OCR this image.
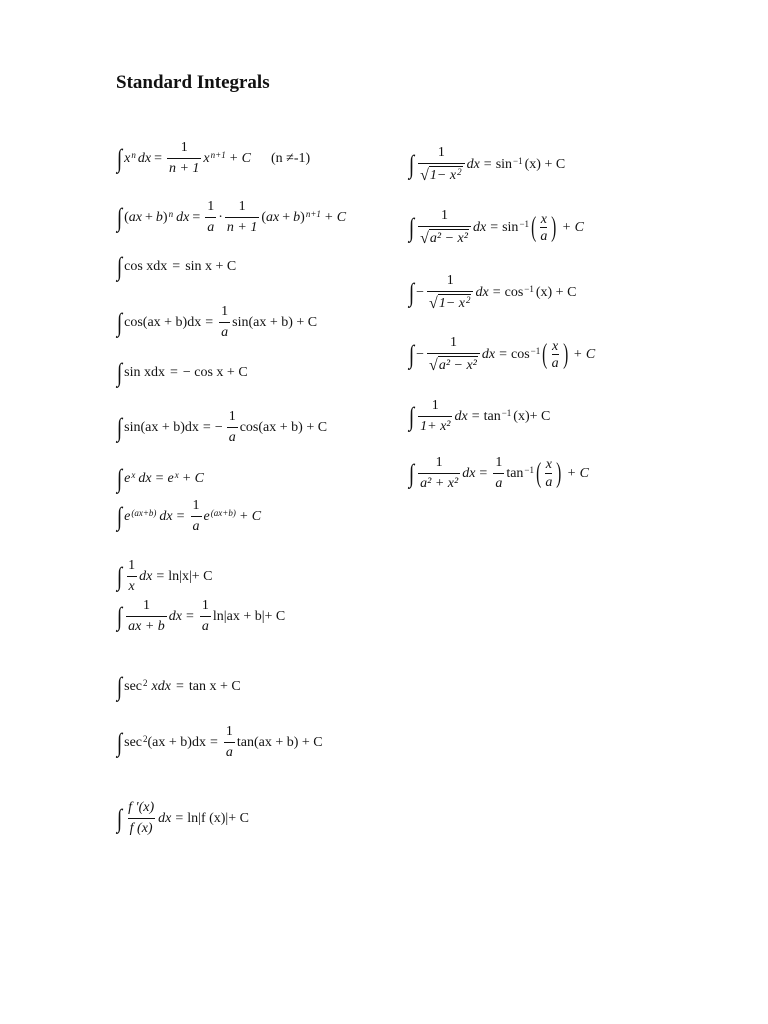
Standard Integrals
∫ $x^n$ dx = $\frac{1}{n + 1} x^{n+1} + C$ (n ≠-1)
∫ ( a x + b )$^n$ dx = $\frac{1}{a} \cdot \frac{1}{n + 1}$ ( a x + b )$^{n+1}$ + C
∫ cos xdx = sin x + C
∫ $\cos(ax + b)dx = \frac{1}{a} \sin(ax + b) + C$
∫ sin xdx = − cos x + C
∫ sin(ax + b)dx = − $\frac{1}{a} \cos(ax + b) + C$
∫ $e^x$ dx = $e^x + C$
∫ $e^{(ax+b)}$ dx = $\frac{1}{a} e^{(ax+b)} + C$
∫ $\frac{1}{x}$ dx = ln|x|+ C
∫ $\frac{1}{ax + b}$ dx = $\frac{1}{a} \ln|ax + b|+ C$
∫ $\sec^2$ xdx = tan x + C
∫ $\sec^2 (ax + b)dx = \frac{1}{a} \tan(ax + b) + C$
∫ $\frac{f '(x)}{f (x)}$ dx = ln|f (x)|+ C
∫ $\frac{1}{√ 1- x^2}$ dx = $\sin^{-1} (x) + C$
∫ $\frac{1}{\text{√ a² − x²}}$ dx = $\sin^{-1}$ ( x
a ) + C
∫ − $\frac{1}{√ 1- x^2}$ dx = $\cos^{-1} (x) + C$
∫ − $\frac{1}{\text{√ a² − x²}}$ dx = $\cos^{-1}$ ( x
a ) + C
∫ $\frac{1}{\text{1+ x²}}$ dx = $\tan^{-1} (x)+ C$
∫ $\frac{1}{\text{a² + x²}}$ dx = $\frac{1}{a} \tan^{-1}$ ( x
a ) + C
